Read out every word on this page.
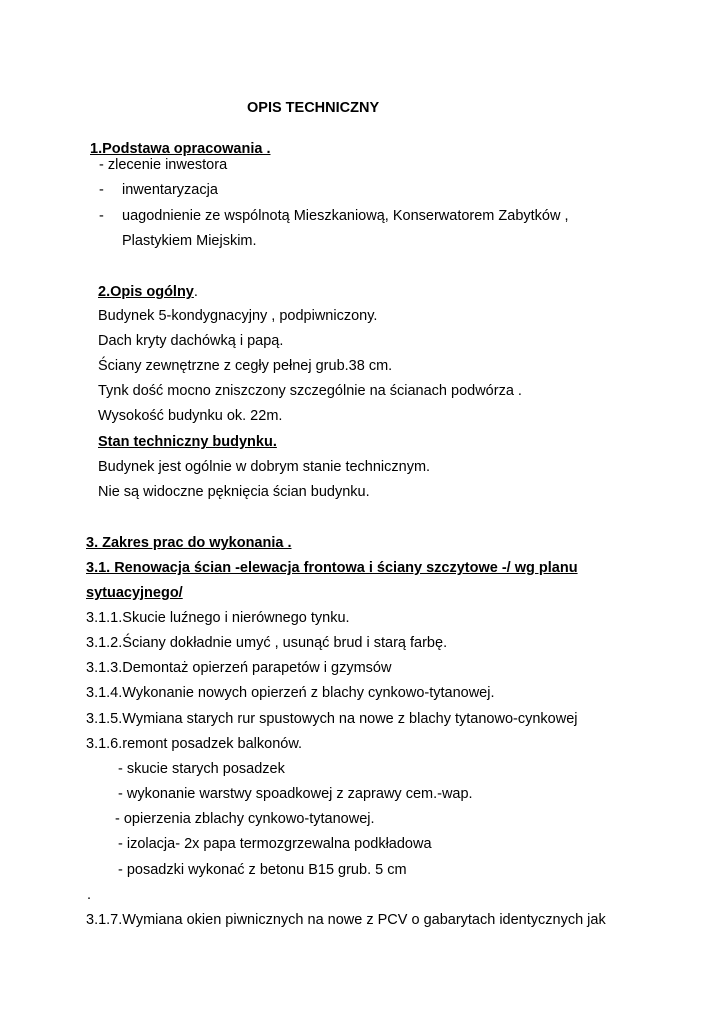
OPIS TECHNICZNY
1.Podstawa opracowania .
- zlecenie inwestora
- inwentaryzacja
- uagodnienie ze wspólnotą Mieszkaniową, Konserwatorem Zabytków ,
Plastykiem Miejskim.
2.Opis ogólny.
Budynek 5-kondygnacyjny , podpiwniczony.
Dach kryty dachówką i papą.
Ściany zewnętrzne z cegły pełnej grub.38 cm.
Tynk dość mocno zniszczony szczególnie na ścianach podwórza .
Wysokość budynku ok. 22m.
Stan techniczny budynku.
Budynek jest ogólnie w dobrym stanie technicznym.
Nie są widoczne pęknięcia ścian budynku.
3. Zakres prac do wykonania .
3.1. Renowacja ścian -elewacja frontowa i ściany szczytowe -/ wg planu
sytuacyjnego/
3.1.1.Skucie luźnego i nierównego tynku.
3.1.2.Ściany dokładnie umyć , usunąć brud i starą farbę.
3.1.3.Demontaż opierzeń parapetów i gzymsów
3.1.4.Wykonanie nowych opierzeń z blachy cynkowo-tytanowej.
3.1.5.Wymiana starych rur spustowych na nowe z blachy tytanowo-cynkowej
3.1.6.remont posadzek balkonów.
- skucie starych posadzek
- wykonanie warstwy spoadkowej z zaprawy cem.-wap.
- opierzenia zblachy cynkowo-tytanowej.
- izolacja- 2x papa termozgrzewalna podkładowa
- posadzki wykonać z betonu B15 grub. 5 cm
.
3.1.7.Wymiana okien piwnicznych na nowe z PCV o gabarytach identycznych jak
